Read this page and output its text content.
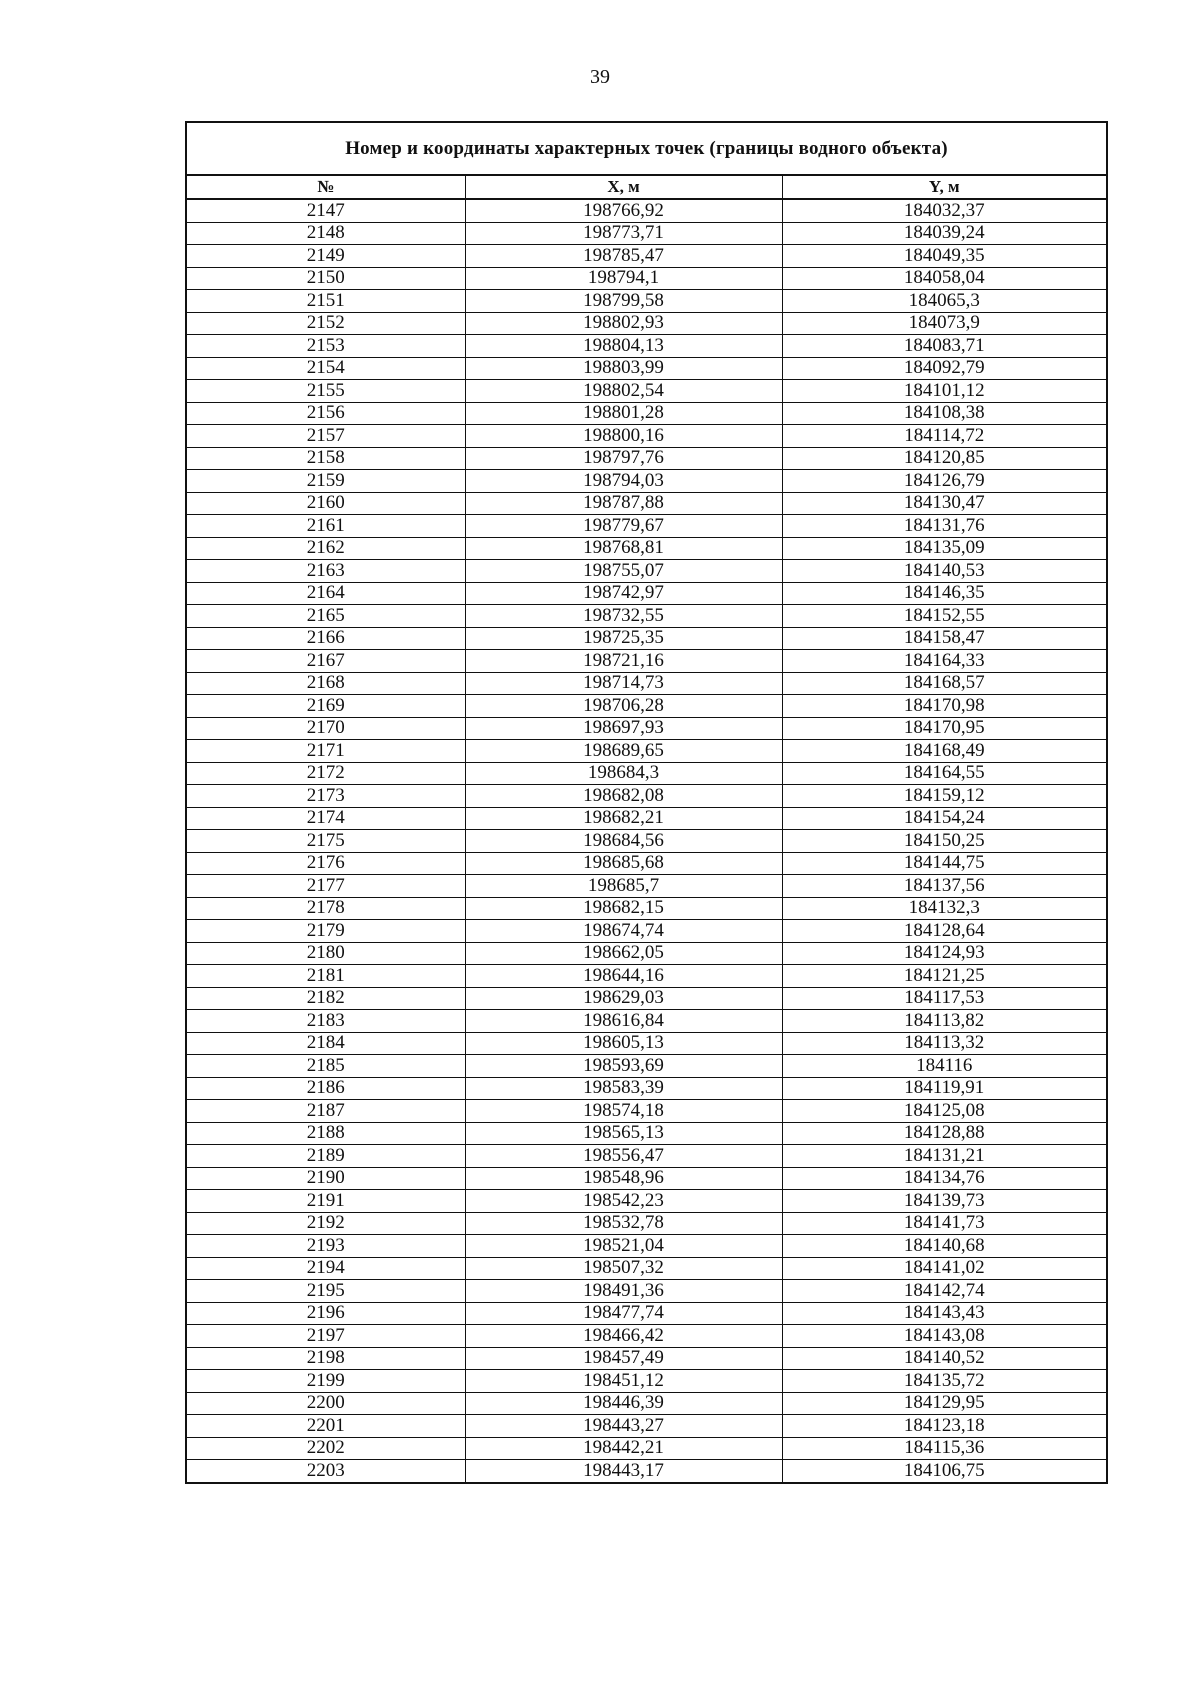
39
Номер и координаты характерных точек (границы водного объекта)		
№	X, м	Y, м
2147	198766,92	184032,37
2148	198773,71	184039,24
2149	198785,47	184049,35
2150	198794,1	184058,04
2151	198799,58	184065,3
2152	198802,93	184073,9
2153	198804,13	184083,71
2154	198803,99	184092,79
2155	198802,54	184101,12
2156	198801,28	184108,38
2157	198800,16	184114,72
2158	198797,76	184120,85
2159	198794,03	184126,79
2160	198787,88	184130,47
2161	198779,67	184131,76
2162	198768,81	184135,09
2163	198755,07	184140,53
2164	198742,97	184146,35
2165	198732,55	184152,55
2166	198725,35	184158,47
2167	198721,16	184164,33
2168	198714,73	184168,57
2169	198706,28	184170,98
2170	198697,93	184170,95
2171	198689,65	184168,49
2172	198684,3	184164,55
2173	198682,08	184159,12
2174	198682,21	184154,24
2175	198684,56	184150,25
2176	198685,68	184144,75
2177	198685,7	184137,56
2178	198682,15	184132,3
2179	198674,74	184128,64
2180	198662,05	184124,93
2181	198644,16	184121,25
2182	198629,03	184117,53
2183	198616,84	184113,82
2184	198605,13	184113,32
2185	198593,69	184116
2186	198583,39	184119,91
2187	198574,18	184125,08
2188	198565,13	184128,88
2189	198556,47	184131,21
2190	198548,96	184134,76
2191	198542,23	184139,73
2192	198532,78	184141,73
2193	198521,04	184140,68
2194	198507,32	184141,02
2195	198491,36	184142,74
2196	198477,74	184143,43
2197	198466,42	184143,08
2198	198457,49	184140,52
2199	198451,12	184135,72
2200	198446,39	184129,95
2201	198443,27	184123,18
2202	198442,21	184115,36
2203	198443,17	184106,75
